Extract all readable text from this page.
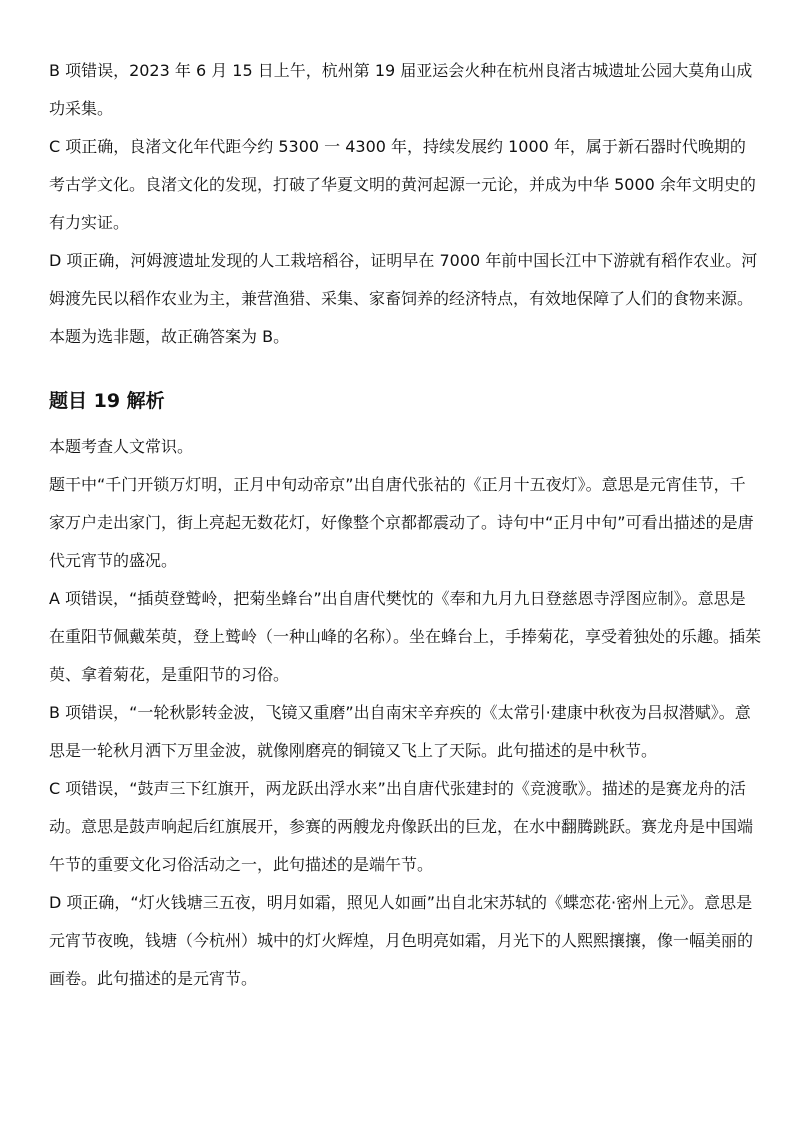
B 项错误，2023 年 6 月 15 日上午，杭州第 19 届亚运会火种在杭州良渚古城遗址公园大莫角山成功采集。

C 项正确，良渚文化年代距今约 5300 一 4300 年，持续发展约 1000 年，属于新石器时代晚期的考古学文化。良渚文化的发现，打破了华夏文明的黄河起源一元论，并成为中华 5000 余年文明史的有力实证。

D 项正确，河姆渡遗址发现的人工栽培稻谷，证明早在 7000 年前中国长江中下游就有稻作农业。河姆渡先民以稻作农业为主，兼营渔猎、采集、家畜饲养的经济特点，有效地保障了人们的食物来源。

本题为选非题，故正确答案为 B。

题目 19 解析

本题考查人文常识。

题干中“千门开锁万灯明，正月中旬动帝京”出自唐代张祜的《正月十五夜灯》。意思是元宵佳节，千家万户走出家门，街上亮起无数花灯，好像整个京都都震动了。诗句中“正月中旬”可看出描述的是唐代元宵节的盛况。

A 项错误，“插萸登鹫岭，把菊坐蜂台”出自唐代樊忱的《奉和九月九日登慈恩寺浮图应制》。意思是在重阳节佩戴茱萸，登上鹫岭（一种山峰的名称）。坐在蜂台上，手捧菊花，享受着独处的乐趣。插茱萸、拿着菊花，是重阳节的习俗。

B 项错误，“一轮秋影转金波，飞镜又重磨”出自南宋辛弃疾的《太常引·建康中秋夜为吕叔潜赋》。意思是一轮秋月洒下万里金波，就像刚磨亮的铜镜又飞上了天际。此句描述的是中秋节。

C 项错误，“鼓声三下红旗开，两龙跃出浮水来”出自唐代张建封的《竞渡歌》。描述的是赛龙舟的活动。意思是鼓声响起后红旗展开，参赛的两艘龙舟像跃出的巨龙，在水中翻腾跳跃。赛龙舟是中国端午节的重要文化习俗活动之一，此句描述的是端午节。

D 项正确，“灯火钱塘三五夜，明月如霜，照见人如画”出自北宋苏轼的《蝶恋花·密州上元》。意思是元宵节夜晚，钱塘（今杭州）城中的灯火辉煌，月色明亮如霜，月光下的人熙熙攘攘，像一幅美丽的画卷。此句描述的是元宵节。
